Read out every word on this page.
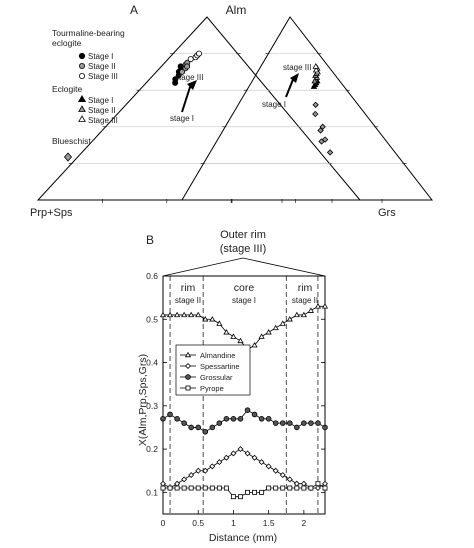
A	Alm
Prp+Sps	Grs
stage III
stage I
stage III
stage I
Tourmaline-bearing
eclogite
Stage I
Stage II
Stage III
Eclogite
Stage I
Stage II
Stage III
Blueschist
B	Outer rim
(stage III)
0.1
0.2
0.3
0.4
0.5
0.6
0	0.5	1	1.5	2
rim
stage II
core
stage I
rim
stage II
Almandine
Spessartine
Grossular
Pyrope
Distance (mm)
X(Alm,Prp,Sps,Grs)
